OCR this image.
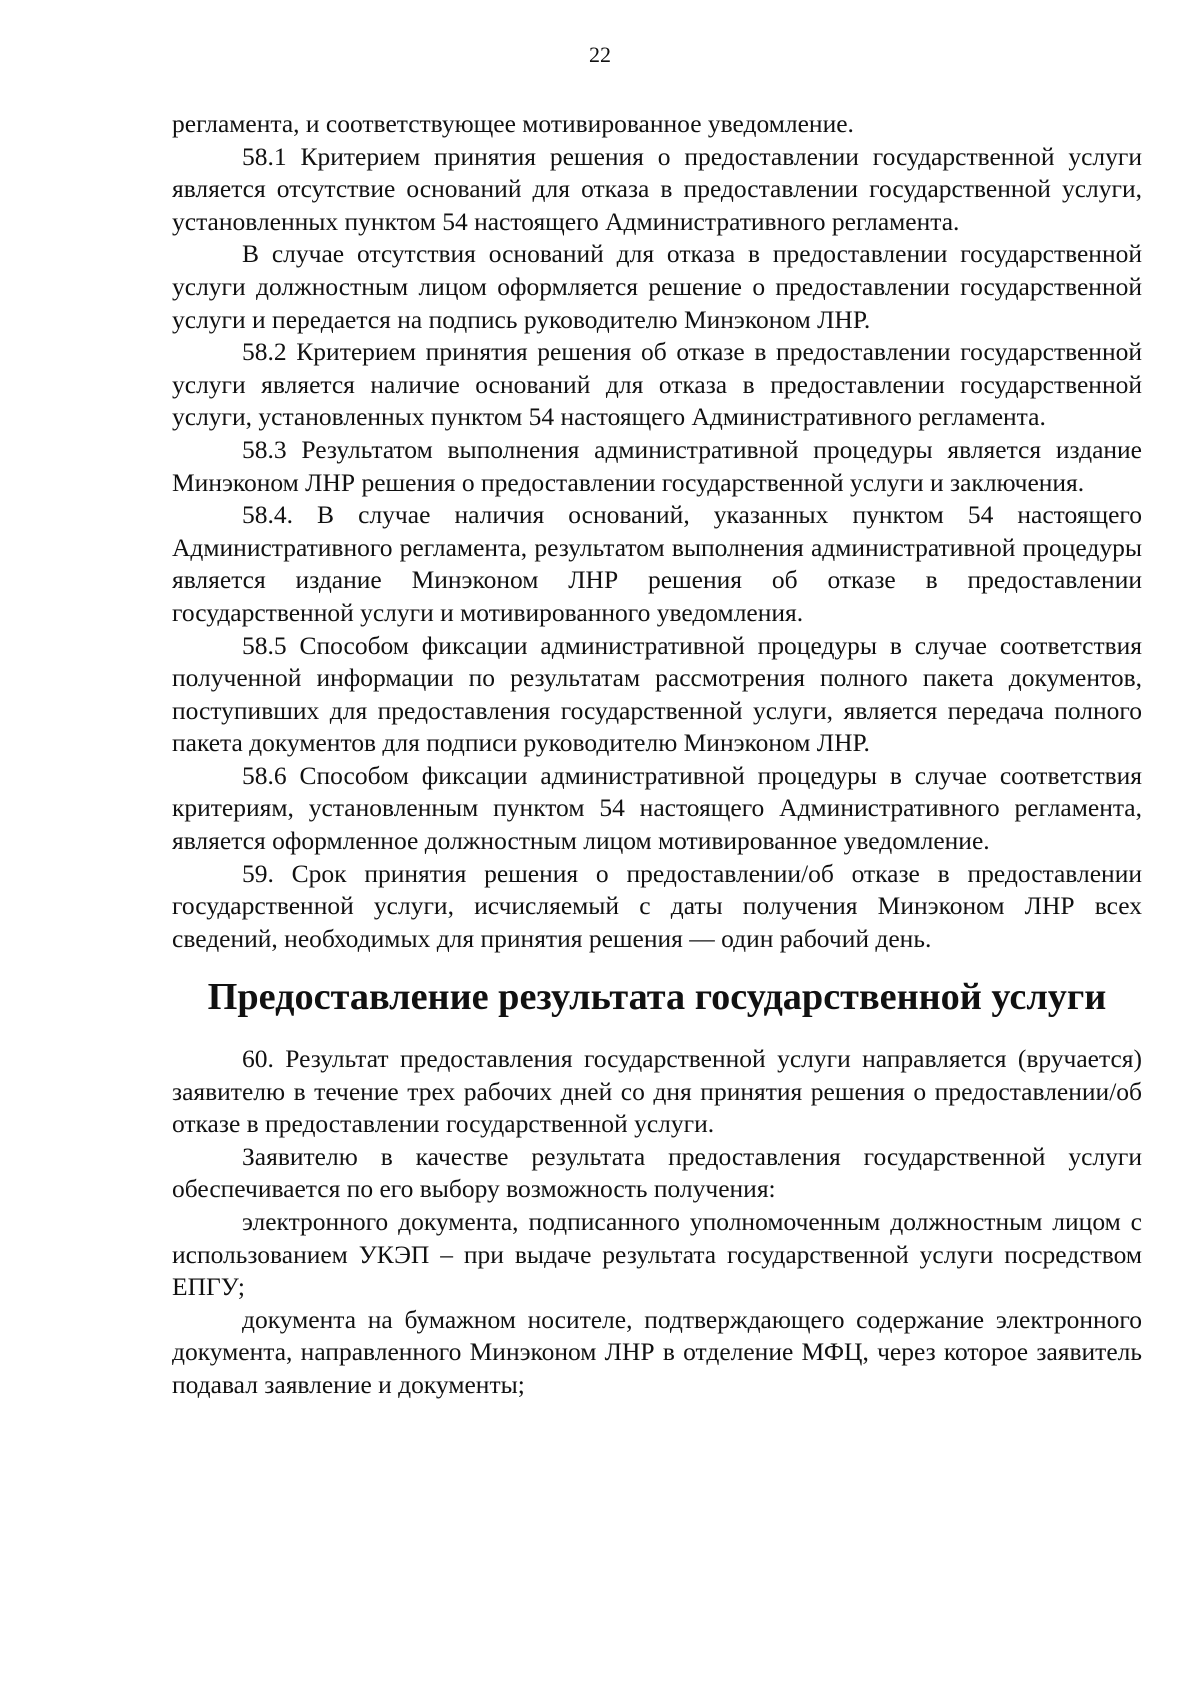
22

регламента, и соответствующее мотивированное уведомление.

58.1 Критерием принятия решения о предоставлении государственной услуги является отсутствие оснований для отказа в предоставлении государственной услуги, установленных пунктом 54 настоящего Административного регламента.

В случае отсутствия оснований для отказа в предоставлении государственной услуги должностным лицом оформляется решение о предоставлении государственной услуги и передается на подпись руководителю Минэконом ЛНР.

58.2 Критерием принятия решения об отказе в предоставлении государственной услуги является наличие оснований для отказа в предоставлении государственной услуги, установленных пунктом 54 настоящего Административного регламента.

58.3 Результатом выполнения административной процедуры является издание Минэконом ЛНР решения о предоставлении государственной услуги и заключения.

58.4. В случае наличия оснований, указанных пунктом 54 настоящего Административного регламента, результатом выполнения административной процедуры является издание Минэконом ЛНР решения об отказе в предоставлении государственной услуги и мотивированного уведомления.

58.5 Способом фиксации административной процедуры в случае соответствия полученной информации по результатам рассмотрения полного пакета документов, поступивших для предоставления государственной услуги, является передача полного пакета документов для подписи руководителю Минэконом ЛНР.

58.6 Способом фиксации административной процедуры в случае соответствия критериям, установленным пунктом 54 настоящего Административного регламента, является оформленное должностным лицом мотивированное уведомление.

59. Срок принятия решения о предоставлении/об отказе в предоставлении государственной услуги, исчисляемый с даты получения Минэконом ЛНР всех сведений, необходимых для принятия решения — один рабочий день.

Предоставление результата государственной услуги

60. Результат предоставления государственной услуги направляется (вручается) заявителю в течение трех рабочих дней со дня принятия решения о предоставлении/об отказе в предоставлении государственной услуги.

Заявителю в качестве результата предоставления государственной услуги обеспечивается по его выбору возможность получения:

электронного документа, подписанного уполномоченным должностным лицом с использованием УКЭП – при выдаче результата государственной услуги посредством ЕПГУ;

документа на бумажном носителе, подтверждающего содержание электронного документа, направленного Минэконом ЛНР в отделение МФЦ, через которое заявитель подавал заявление и документы;
